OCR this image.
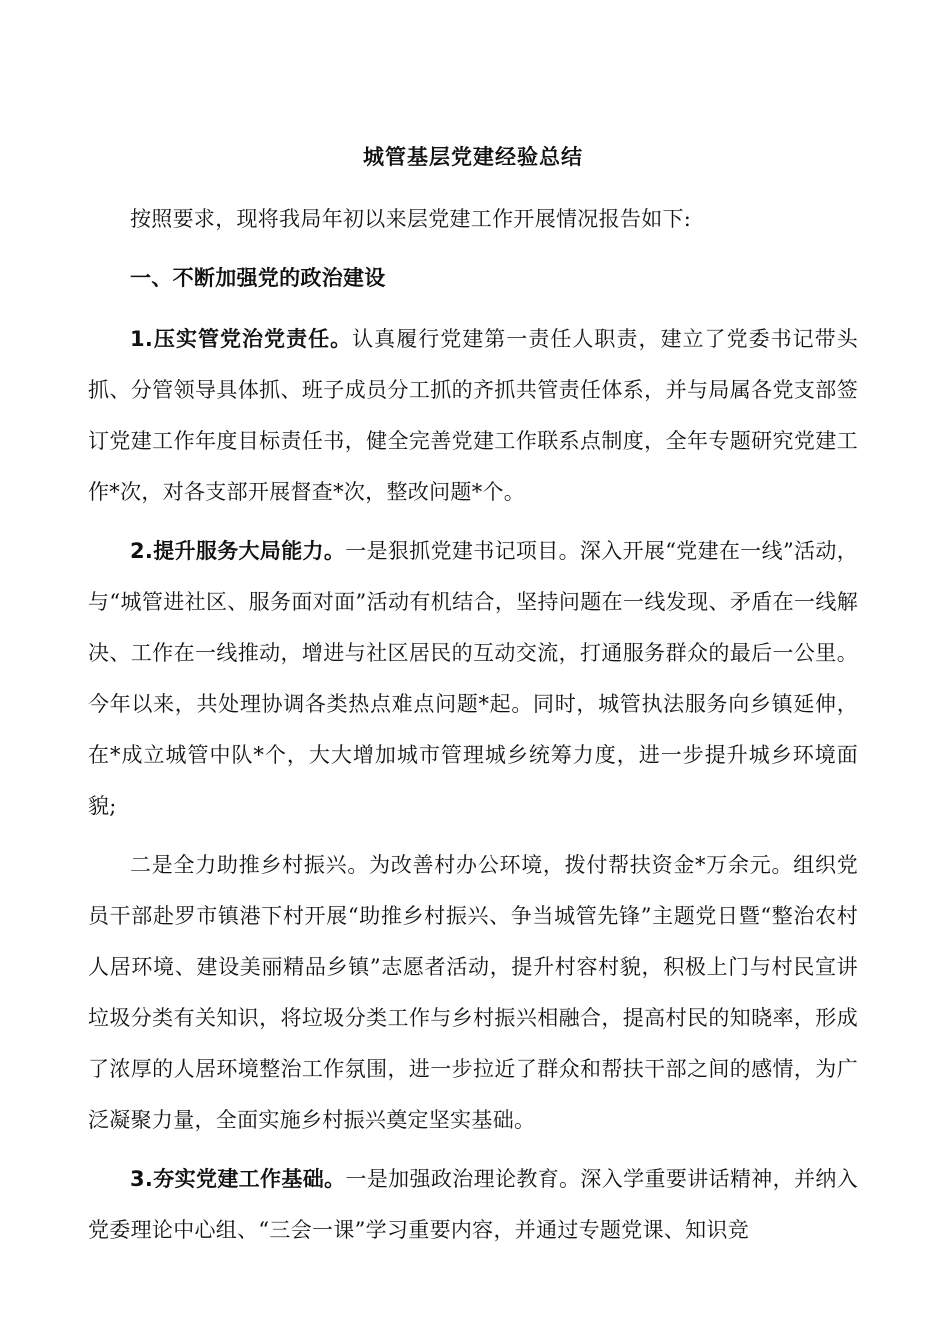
城管基层党建经验总结

按照要求，现将我局年初以来层党建工作开展情况报告如下:

一、不断加强党的政治建设

1.压实管党治党责任。认真履行党建第一责任人职责，建立了党委书记带头抓、分管领导具体抓、班子成员分工抓的齐抓共管责任体系，并与局属各党支部签订党建工作年度目标责任书，健全完善党建工作联系点制度，全年专题研究党建工作*次，对各支部开展督查*次，整改问题*个。

2.提升服务大局能力。一是狠抓党建书记项目。深入开展“党建在一线”活动，与“城管进社区、服务面对面”活动有机结合，坚持问题在一线发现、矛盾在一线解决、工作在一线推动，增进与社区居民的互动交流，打通服务群众的最后一公里。今年以来，共处理协调各类热点难点问题*起。同时，城管执法服务向乡镇延伸，在*成立城管中队*个，大大增加城市管理城乡统筹力度，进一步提升城乡环境面貌;

二是全力助推乡村振兴。为改善村办公环境，拨付帮扶资金*万余元。组织党员干部赴罗市镇港下村开展“助推乡村振兴、争当城管先锋”主题党日暨“整治农村人居环境、建设美丽精品乡镇”志愿者活动，提升村容村貌，积极上门与村民宣讲垃圾分类有关知识，将垃圾分类工作与乡村振兴相融合，提高村民的知晓率，形成了浓厚的人居环境整治工作氛围，进一步拉近了群众和帮扶干部之间的感情，为广泛凝聚力量，全面实施乡村振兴奠定坚实基础。

3.夯实党建工作基础。一是加强政治理论教育。深入学重要讲话精神，并纳入党委理论中心组、“三会一课”学习重要内容，并通过专题党课、知识竞
